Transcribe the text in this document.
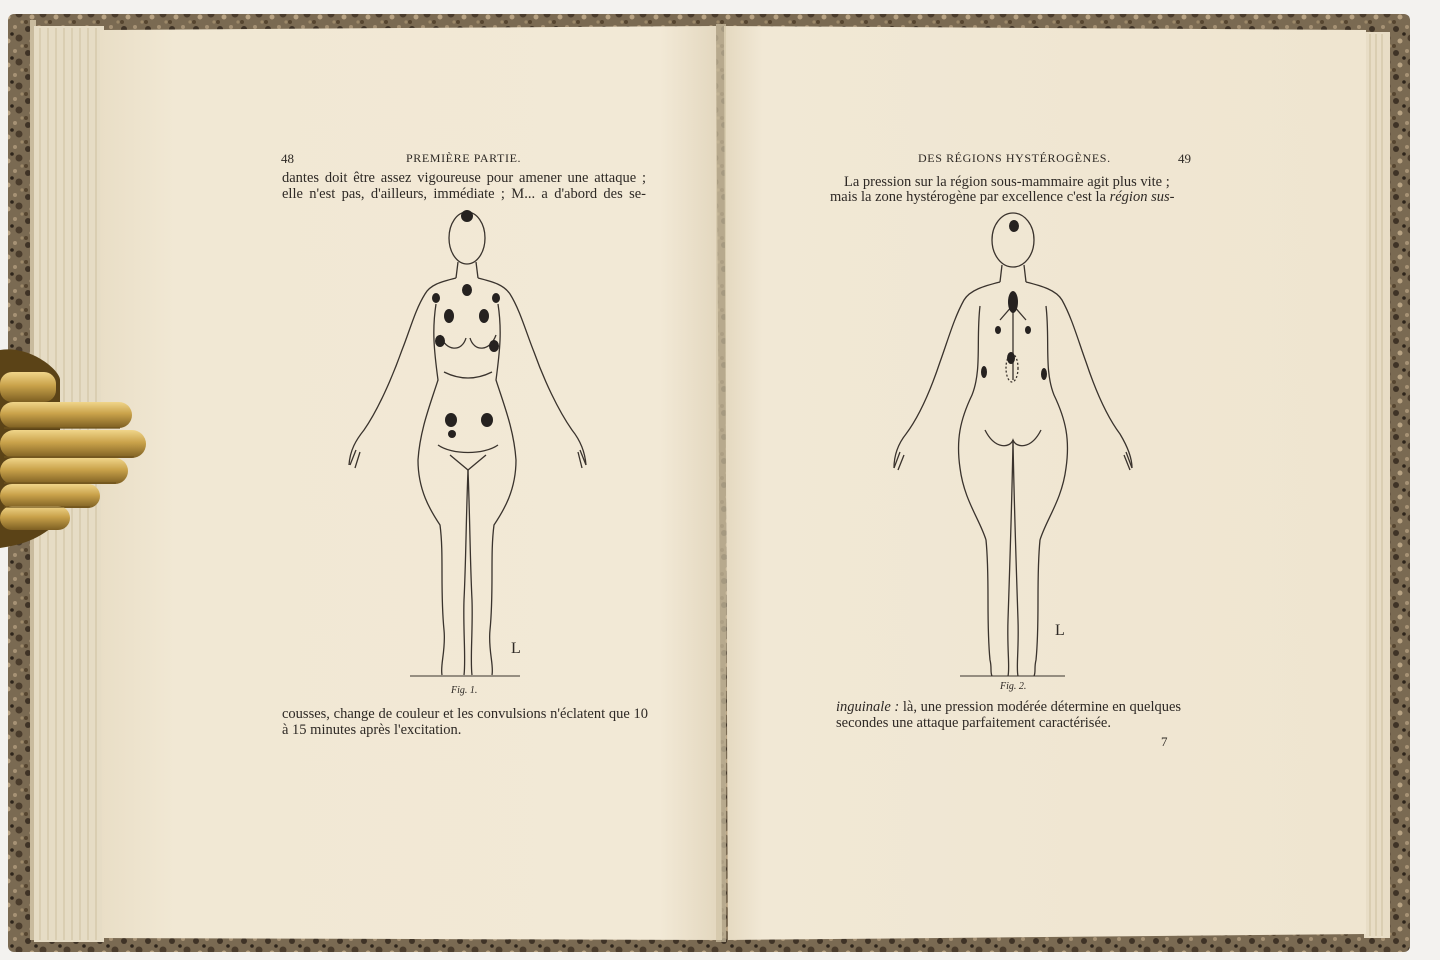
48	PREMIÈRE PARTIE.
dantes doit être assez vigoureuse pour amener une attaque ;
elle n'est pas, d'ailleurs, immédiate ; M... a d'abord des se-
L
Fig. 1.
cousses, change de couleur et les convulsions n'éclatent que 10
à 15 minutes après l'excitation.
DES RÉGIONS HYSTÉROGÈNES.	49
La pression sur la région sous-mammaire agit plus vite ;
mais la zone hystérogène par excellence c'est la région sus-
L
Fig. 2.
inguinale : là, une pression modérée détermine en quelques
secondes une attaque parfaitement caractérisée.
7
